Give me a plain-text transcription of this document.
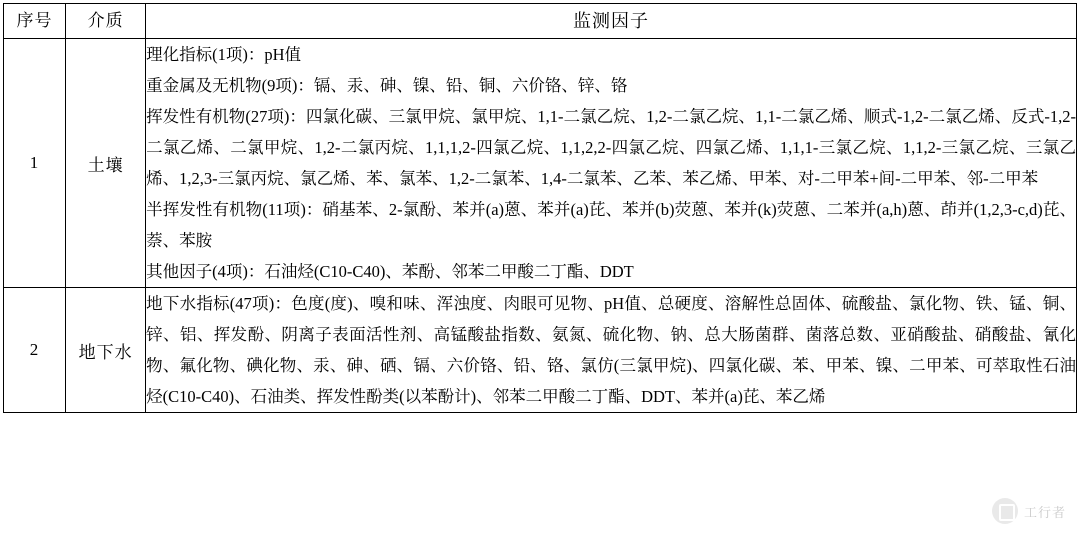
序号	介质	监测因子
1	土壤	理化指标(1项)：pH值

重金属及无机物(9项)：镉、汞、砷、镍、铅、铜、六价铬、锌、铬

挥发性有机物(27项)：四氯化碳、三氯甲烷、氯甲烷、1,1-二氯乙烷、1,2-二氯乙烷、1,1-二氯乙烯、顺式-1,2-二氯乙烯、反式-1,2-二氯乙烯、二氯甲烷、1,2-二氯丙烷、1,1,1,2-四氯乙烷、1,1,2,2-四氯乙烷、四氯乙烯、1,1,1-三氯乙烷、1,1,2-三氯乙烷、三氯乙烯、1,2,3-三氯丙烷、氯乙烯、苯、氯苯、1,2-二氯苯、1,4-二氯苯、乙苯、苯乙烯、甲苯、对-二甲苯+间-二甲苯、邻-二甲苯

半挥发性有机物(11项)：硝基苯、2-氯酚、苯并(a)蒽、苯并(a)芘、苯并(b)荧蒽、苯并(k)荧蒽、二苯并(a,h)蒽、茚并(1,2,3-c,d)芘、萘、苯胺

其他因子(4项)：石油烃(C10-C40)、苯酚、邻苯二甲酸二丁酯、DDT

2	地下水	地下水指标(47项)：色度(度)、嗅和味、浑浊度、肉眼可见物、pH值、总硬度、溶解性总固体、硫酸盐、氯化物、铁、锰、铜、锌、铝、挥发酚、阴离子表面活性剂、高锰酸盐指数、氨氮、硫化物、钠、总大肠菌群、菌落总数、亚硝酸盐、硝酸盐、氰化物、氟化物、碘化物、汞、砷、硒、镉、六价铬、铅、铬、氯仿(三氯甲烷)、四氯化碳、苯、甲苯、镍、二甲苯、可萃取性石油烃(C10-C40)、石油类、挥发性酚类(以苯酚计)、邻苯二甲酸二丁酯、DDT、苯并(a)芘、苯乙烯

工行者
